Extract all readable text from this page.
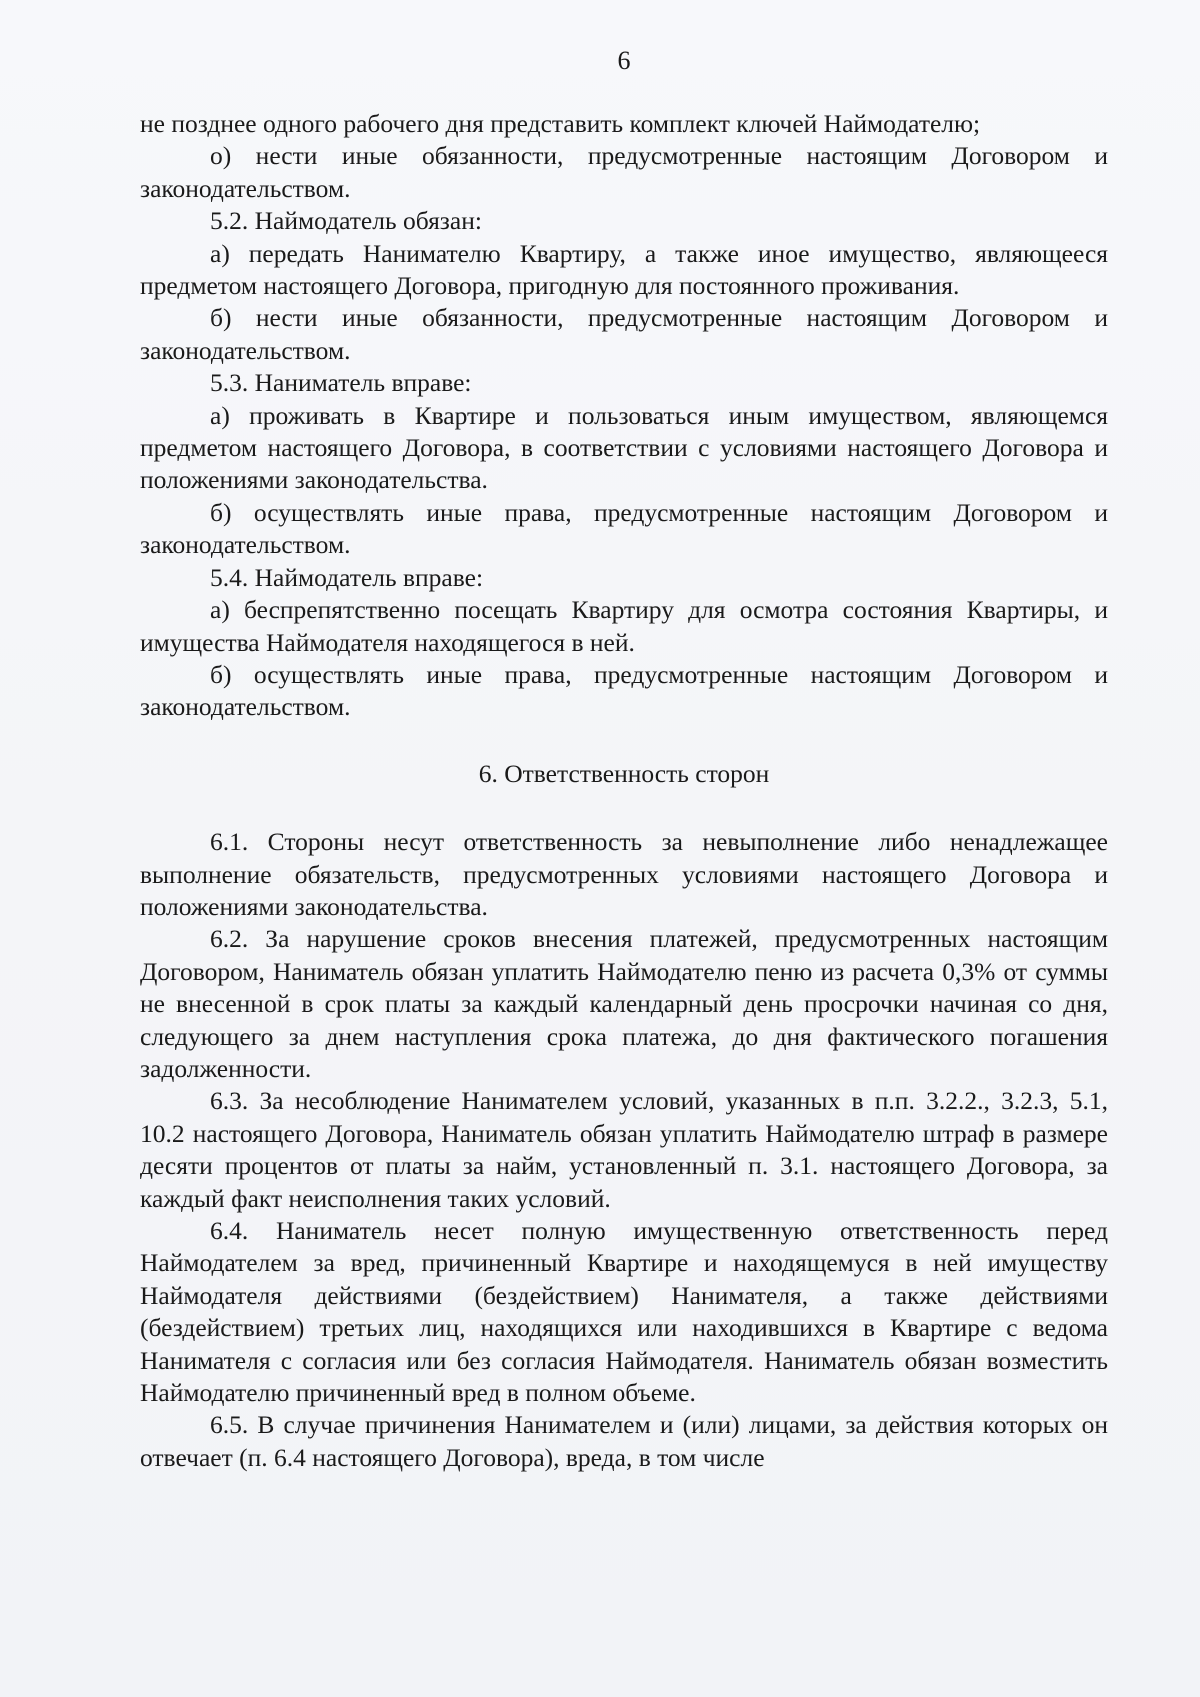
6

не позднее одного рабочего дня представить комплект ключей Наймодателю;

о) нести иные обязанности, предусмотренные настоящим Договором и законодательством.

5.2. Наймодатель обязан:

а) передать Нанимателю Квартиру, а также иное имущество, являющееся предметом настоящего Договора, пригодную для постоянного проживания.

б) нести иные обязанности, предусмотренные настоящим Договором и законодательством.

5.3. Наниматель вправе:

а) проживать в Квартире и пользоваться иным имуществом, являющемся предметом настоящего Договора, в соответствии с условиями настоящего Договора и положениями законодательства.

б) осуществлять иные права, предусмотренные настоящим Договором и законодательством.

5.4. Наймодатель вправе:

а) беспрепятственно посещать Квартиру для осмотра состояния Квартиры, и имущества Наймодателя находящегося в ней.

б) осуществлять иные права, предусмотренные настоящим Договором и законодательством.

6. Ответственность сторон

6.1. Стороны несут ответственность за невыполнение либо ненадлежащее выполнение обязательств, предусмотренных условиями настоящего Договора и положениями законодательства.

6.2. За нарушение сроков внесения платежей, предусмотренных настоящим Договором, Наниматель обязан уплатить Наймодателю пеню из расчета 0,3% от суммы не внесенной в срок платы за каждый календарный день просрочки начиная со дня, следующего за днем наступления срока платежа, до дня фактического погашения задолженности.

6.3. За несоблюдение Нанимателем условий, указанных в п.п. 3.2.2., 3.2.3, 5.1, 10.2 настоящего Договора, Наниматель обязан уплатить Наймодателю штраф в размере десяти процентов от платы за найм, установленный п. 3.1. настоящего Договора, за каждый факт неисполнения таких условий.

6.4. Наниматель несет полную имущественную ответственность перед Наймодателем за вред, причиненный Квартире и находящемуся в ней имуществу Наймодателя действиями (бездействием) Нанимателя, а также действиями (бездействием) третьих лиц, находящихся или находившихся в Квартире с ведома Нанимателя с согласия или без согласия Наймодателя. Наниматель обязан возместить Наймодателю причиненный вред в полном объеме.

6.5. В случае причинения Нанимателем и (или) лицами, за действия которых он отвечает (п. 6.4 настоящего Договора), вреда, в том числе
